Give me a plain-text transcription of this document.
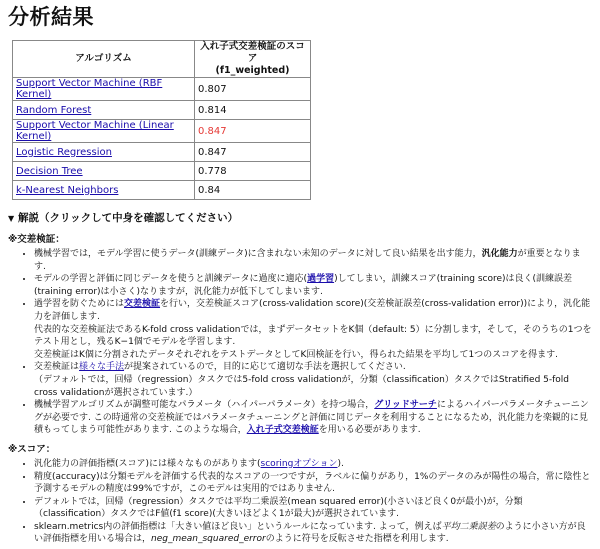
分析結果
アルゴリズム	入れ子式交差検証のスコア
(f1_weighted)
Support Vector Machine (RBF Kernel)	0.807
Random Forest	0.814
Support Vector Machine (Linear Kernel)	0.847
Logistic Regression	0.847
Decision Tree	0.778
k-Nearest Neighbors	0.84
▼ 解説（クリックして中身を確認してください）
※交差検証：
• 機械学習では，モデル学習に使うデータ(訓練データ)に含まれない未知のデータに対して良い結果を出す能力，汎化能力が重要となります.
• モデルの学習と評価に同じデータを使うと訓練データに過度に適応(過学習)してしまい，訓練スコア(training score)は良く(訓練誤差(training error)は小さく)なりますが，汎化能力が低下してしまいます.
• 過学習を防ぐためには交差検証を行い，交差検証スコア(cross-validation score)(交差検証誤差(cross-validation error))により，汎化能力を評価します.
代表的な交差検証法であるK-fold cross validationでは，まずデータセットをK個（default: 5）に分割します，そして，そのうちの1つをテスト用とし，残るK−1個でモデルを学習します.
交差検証はK個に分割されたデータそれぞれをテストデータとしてK回検証を行い，得られた結果を平均して1つのスコアを得ます.
• 交差検証は様々な手法が提案されているので，目的に応じて適切な手法を選択してください.
（デフォルトでは，回帰（regression）タスクでは5-fold cross validationが，分類（classification）タスクではStratified 5-fold cross validationが選択されています.）
• 機械学習アルゴリズムが調整可能なパラメータ（ハイパーパラメータ）を持つ場合，グリッドサーチによるハイパーパラメータチューニングが必要です. この時通常の交差検証ではパラメータチューニングと評価に同じデータを利用することになるため，汎化能力を楽観的に見積もってしまう可能性があります. このような場合，入れ子式交差検証を用いる必要があります.
※スコア：
• 汎化能力の評価指標(スコア)には様々なものがあります(scoringオプション).
• 精度(accuracy)は分類モデルを評価する代表的なスコアの一つですが，ラベルに偏りがあり，1%のデータのみが陽性の場合，常に陰性と予測するモデルの精度は99%ですが，このモデルは実用的ではありません.
• デフォルトでは，回帰（regression）タスクでは平均二乗誤差(mean squared error)(小さいほど良く0が最小)が，分類（classification）タスクではF値(f1 score)(大きいほどよく1が最大)が選択されています.
• sklearn.metrics内の評価指標は「大きい値ほど良い」というルールになっています. よって，例えば平均二乗誤差のように小さい方が良い評価指標を用いる場合は，neg_mean_squared_errorのように符号を反転させた指標を利用します.
